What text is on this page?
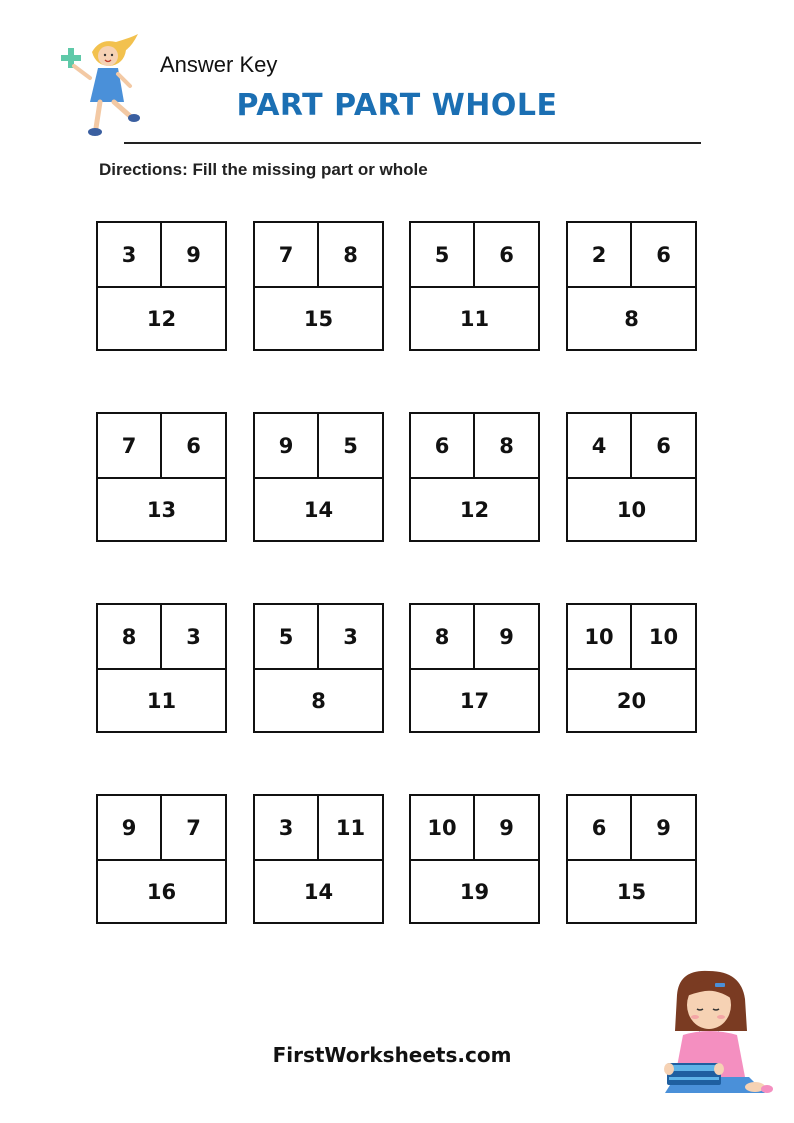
Answer Key
PART PART WHOLE
Directions: Fill the missing part or whole
3	9
12
7	8
15
5	6
11
2	6
8
7	6
13
9	5
14
6	8
12
4	6
10
8	3
11
5	3
8
8	9
17
10	10
20
9	7
16
3	11
14
10	9
19
6	9
15
FirstWorksheets.com
